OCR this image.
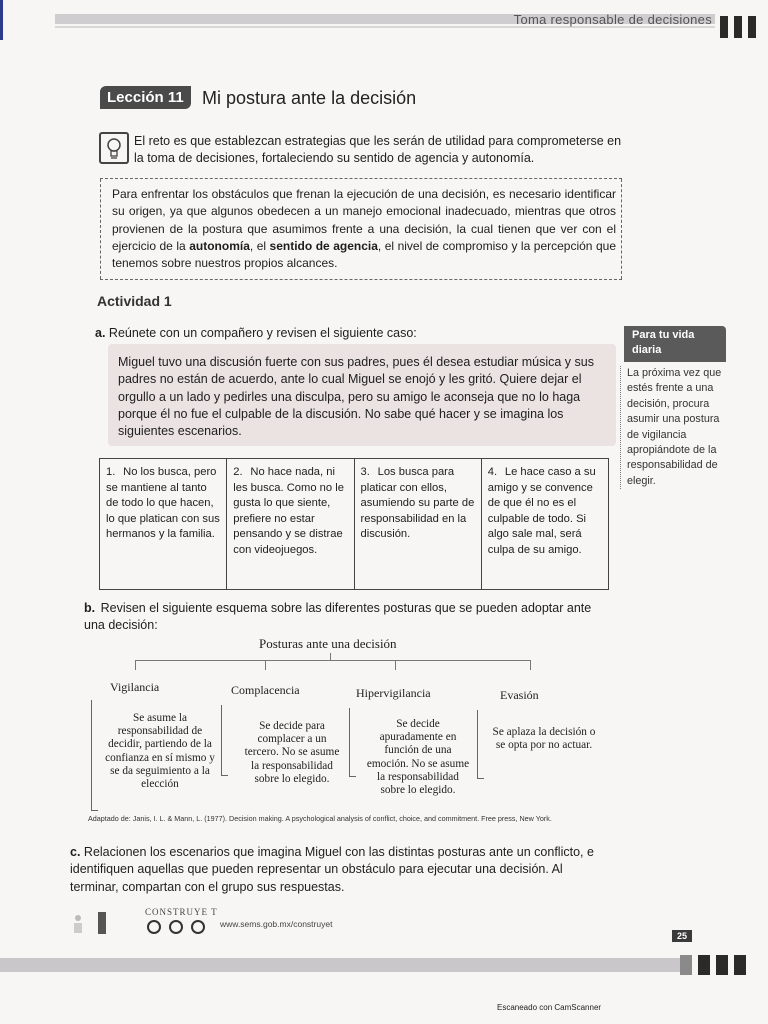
Toma responsable de decisiones
Lección 11	Mi postura ante la decisión
El reto es que establezcan estrategias que les serán de utilidad para comprometerse en la toma de decisiones, fortaleciendo su sentido de agencia y autonomía.
Para enfrentar los obstáculos que frenan la ejecución de una decisión, es necesario identificar su origen, ya que algunos obedecen a un manejo emocional inadecuado, mientras que otros provienen de la postura que asumimos frente a una decisión, la cual tienen que ver con el ejercicio de la autonomía, el sentido de agencia, el nivel de compromiso y la percepción que tenemos sobre nuestros propios alcances.
Actividad 1
a. Reúnete con un compañero y revisen el siguiente caso:
Miguel tuvo una discusión fuerte con sus padres, pues él desea estudiar música y sus padres no están de acuerdo, ante lo cual Miguel se enojó y les gritó. Quiere dejar el orgullo a un lado y pedirles una disculpa, pero su amigo le aconseja que no lo haga porque él no fue el culpable de la discusión. No sabe qué hacer y se imagina los siguientes escenarios.
1. No los busca, pero se mantiene al tanto de todo lo que hacen, lo que platican con sus hermanos y la familia.
2. No hace nada, ni les busca. Como no le gusta lo que siente, prefiere no estar pensando y se distrae con videojuegos.
3. Los busca para platicar con ellos, asumiendo su parte de responsabilidad en la discusión.
4. Le hace caso a su amigo y se convence de que él no es el culpable de todo. Si algo sale mal, será culpa de su amigo.
Para tu vida diaria
La próxima vez que estés frente a una decisión, procura asumir una postura de vigilancia apropiándote de la responsabilidad de elegir.
b. Revisen el siguiente esquema sobre las diferentes posturas que se pueden adoptar ante una decisión:
Posturas ante una decisión
Vigilancia	Complacencia	Hipervigilancia	Evasión
Se asume la responsabilidad de decidir, partiendo de la confianza en sí mismo y se da seguimiento a la elección
Se decide para complacer a un tercero. No se asume la responsabilidad sobre lo elegido.
Se decide apuradamente en función de una emoción. No se asume la responsabilidad sobre lo elegido.
Se aplaza la decisión o se opta por no actuar.
Adaptado de: Janis, I. L. & Mann, L. (1977). Decision making. A psychological analysis of conflict, choice, and commitment. Free press, New York.
c. Relacionen los escenarios que imagina Miguel con las distintas posturas ante un conflicto, e identifiquen aquellas que pueden representar un obstáculo para ejecutar una decisión. Al terminar, compartan con el grupo sus respuestas.
CONSTRUYE T
www.sems.gob.mx/construyet
25
Escaneado con CamScanner
